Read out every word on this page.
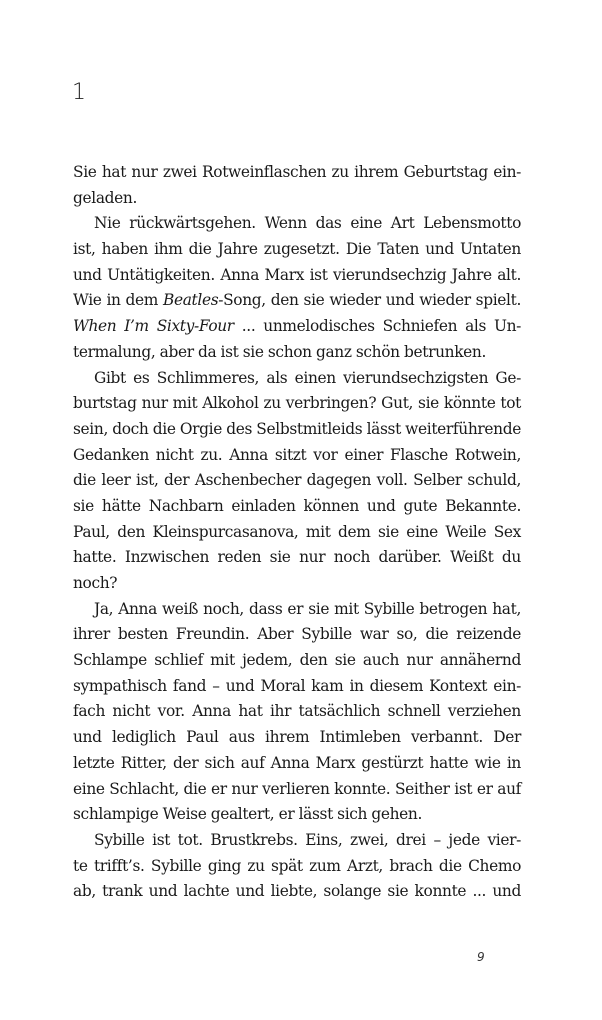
1
Sie hat nur zwei Rotweinflaschen zu ihrem Geburtstag ein-
geladen.
Nie rückwärtsgehen. Wenn das eine Art Lebensmotto
ist, haben ihm die Jahre zugesetzt. Die Taten und Untaten
und Untätigkeiten. Anna Marx ist vierundsechzig Jahre alt.
Wie in dem Beatles-Song, den sie wieder und wieder spielt.
When I’m Sixty-Four ... unmelodisches Schniefen als Un-
termalung, aber da ist sie schon ganz schön betrunken.
Gibt es Schlimmeres, als einen vierundsechzigsten Ge-
burtstag nur mit Alkohol zu verbringen? Gut, sie könnte tot
sein, doch die Orgie des Selbstmitleids lässt weiterführende
Gedanken nicht zu. Anna sitzt vor einer Flasche Rotwein,
die leer ist, der Aschenbecher dagegen voll. Selber schuld,
sie hätte Nachbarn einladen können und gute Bekannte.
Paul, den Kleinspurcasanova, mit dem sie eine Weile Sex
hatte. Inzwischen reden sie nur noch darüber. Weißt du
noch?
Ja, Anna weiß noch, dass er sie mit Sybille betrogen hat,
ihrer besten Freundin. Aber Sybille war so, die reizende
Schlampe schlief mit jedem, den sie auch nur annähernd
sympathisch fand – und Moral kam in diesem Kontext ein-
fach nicht vor. Anna hat ihr tatsächlich schnell verziehen
und lediglich Paul aus ihrem Intimleben verbannt. Der
letzte Ritter, der sich auf Anna Marx gestürzt hatte wie in
eine Schlacht, die er nur verlieren konnte. Seither ist er auf
schlampige Weise gealtert, er lässt sich gehen.
Sybille ist tot. Brustkrebs. Eins, zwei, drei – jede vier-
te trifft’s. Sybille ging zu spät zum Arzt, brach die Chemo
ab, trank und lachte und liebte, solange sie konnte ... und
9
